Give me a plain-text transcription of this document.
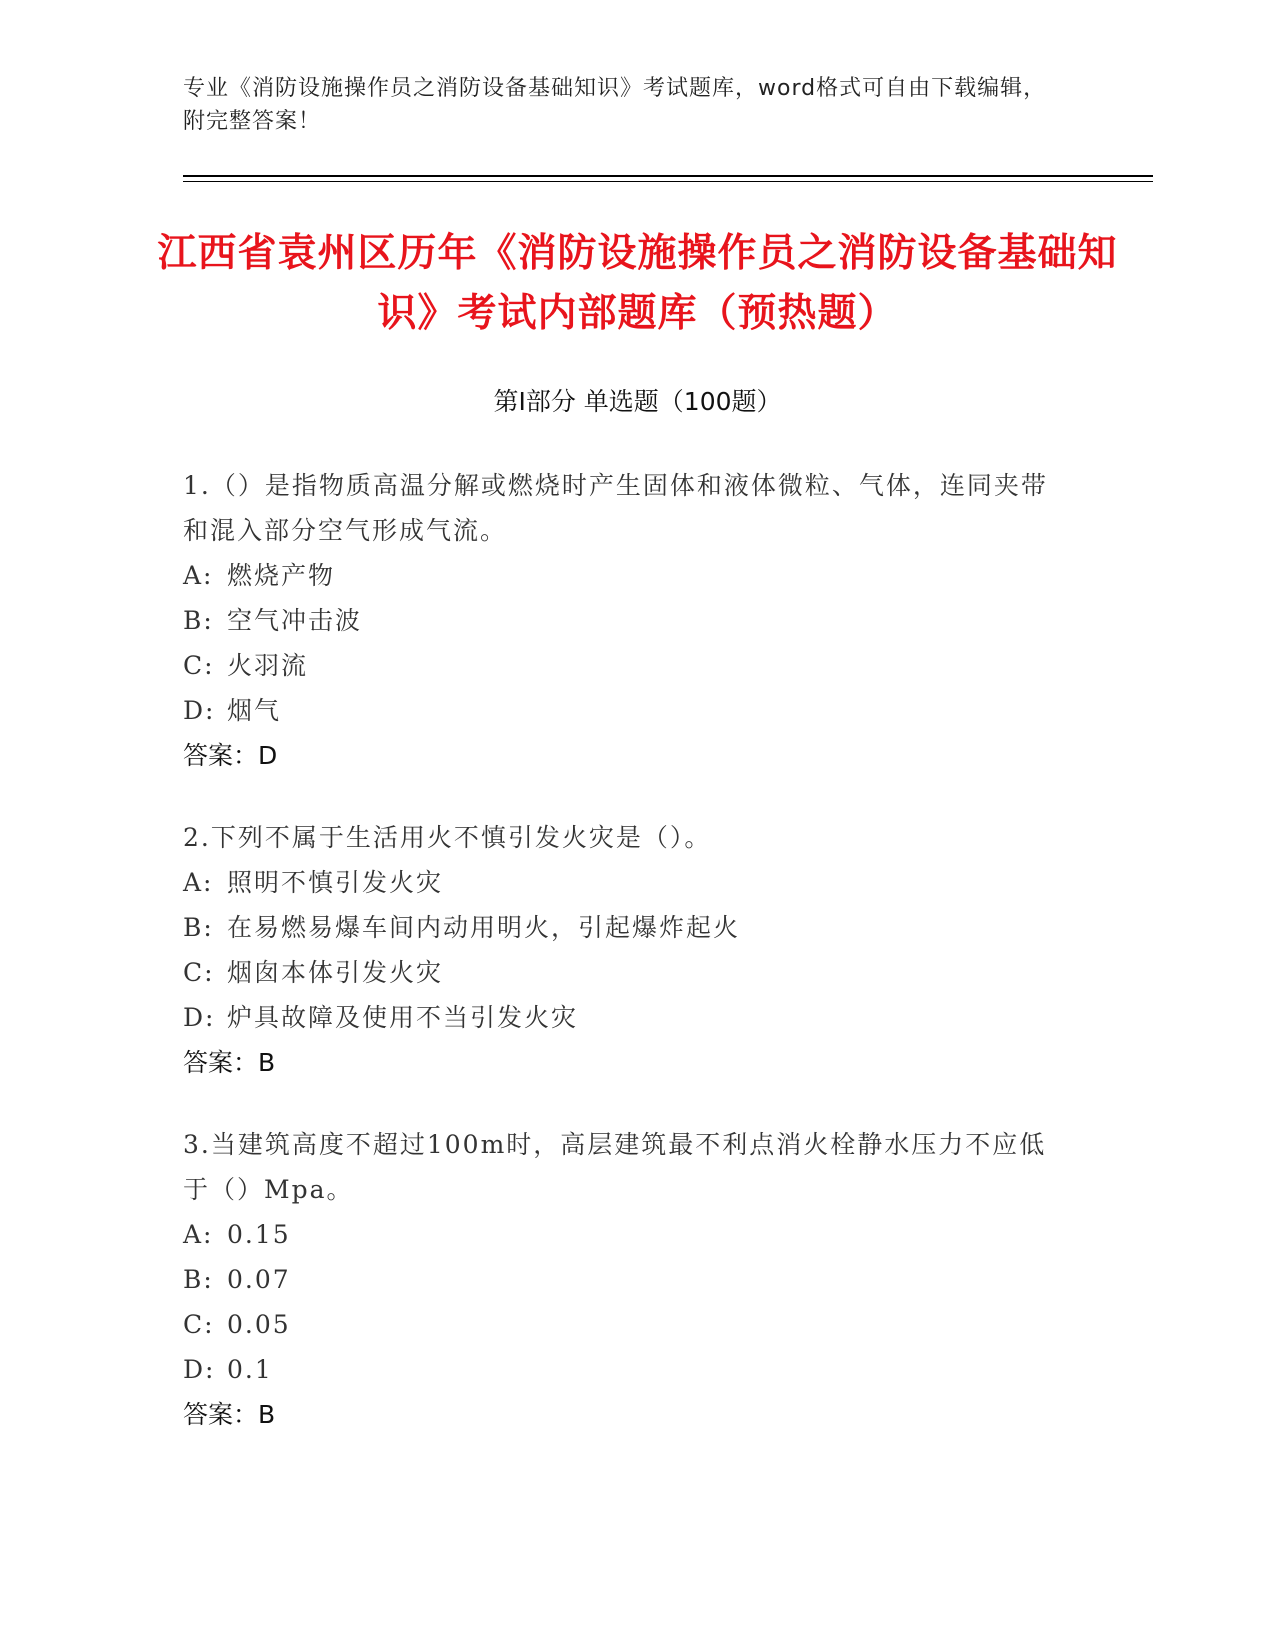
专业《消防设施操作员之消防设备基础知识》考试题库，word格式可自由下载编辑，附完整答案！
江西省袁州区历年《消防设施操作员之消防设备基础知识》考试内部题库（预热题）
第I部分 单选题（100题）

1.（）是指物质高温分解或燃烧时产生固体和液体微粒、气体，连同夹带和混入部分空气形成气流。

A: 燃烧产物

B: 空气冲击波

C: 火羽流

D: 烟气

答案：D

2.下列不属于生活用火不慎引发火灾是（）。

A: 照明不慎引发火灾

B: 在易燃易爆车间内动用明火，引起爆炸起火

C: 烟囱本体引发火灾

D: 炉具故障及使用不当引发火灾

答案：B

3.当建筑高度不超过100m时，高层建筑最不利点消火栓静水压力不应低于（）Mpa。

A: 0.15

B: 0.07

C: 0.05

D: 0.1

答案：B
